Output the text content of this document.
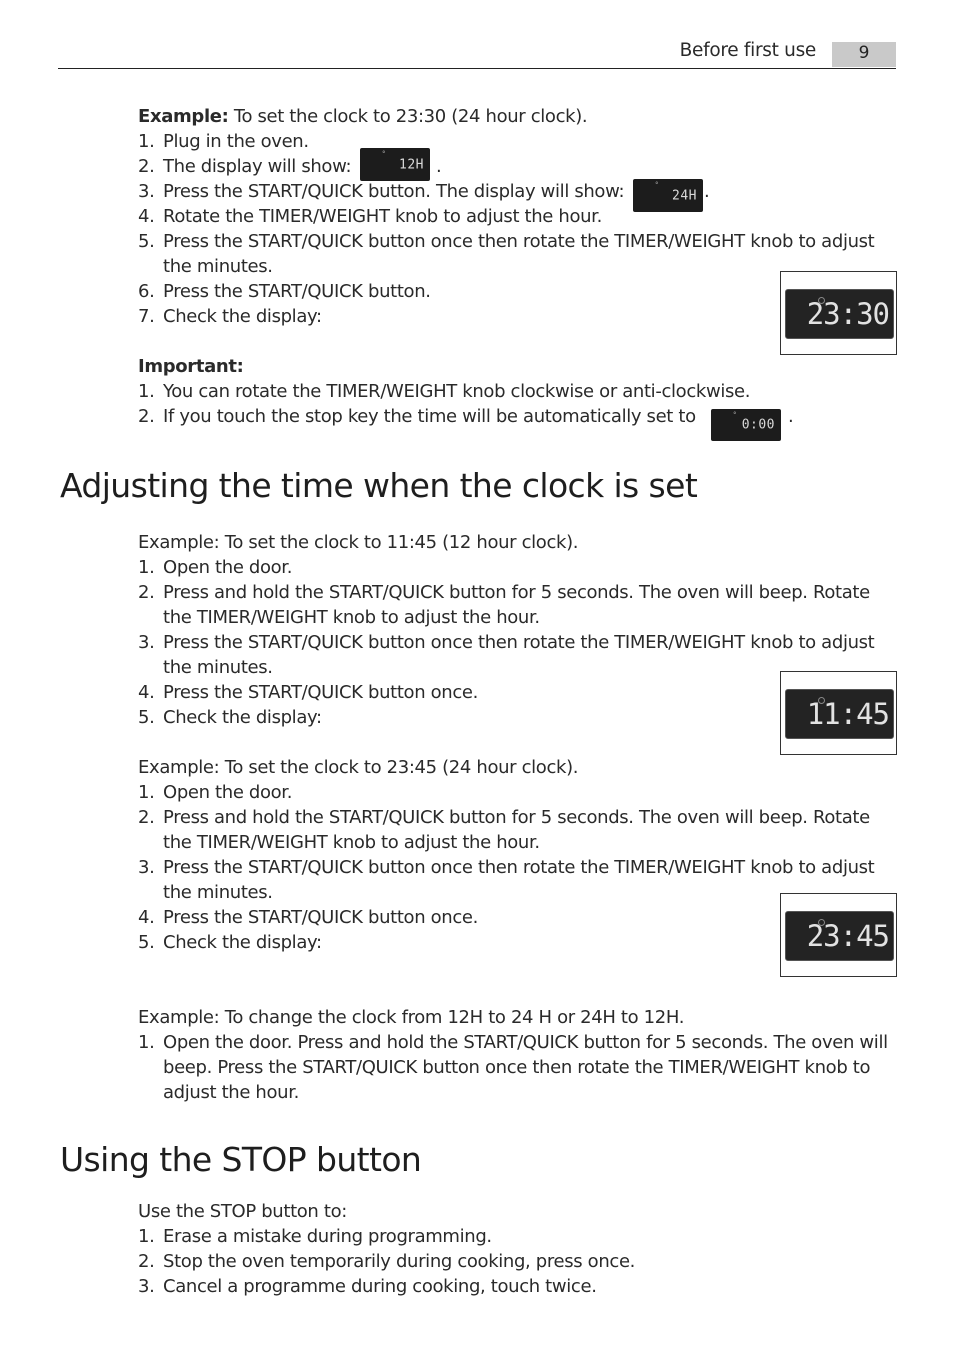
Before first use	9
Example: To set the clock to 23:30 (24 hour clock).
1. Plug in the oven.
2. The display will show:
°
12H .
3. Press the START/QUICK button. The display will show:	°
24H .
4. Rotate the TIMER/WEIGHT knob to adjust the hour.
5. Press the START/QUICK button once then rotate the TIMER/WEIGHT knob to adjust
the minutes.
6. Press the START/QUICK button.
7. Check the display:	23:30
Important:
1. You can rotate the TIMER/WEIGHT knob clockwise or anti-clockwise.
2. If you touch the stop key the time will be automatically set to	°
0:00 .
Adjusting the time when the clock is set
Example: To set the clock to 11:45 (12 hour clock).
1. Open the door.
2. Press and hold the START/QUICK button for 5 seconds. The oven will beep. Rotate
the TIMER/WEIGHT knob to adjust the hour.
3. Press the START/QUICK button once then rotate the TIMER/WEIGHT knob to adjust
the minutes.
4. Press the START/QUICK button once.
5. Check the display:	11:45
Example: To set the clock to 23:45 (24 hour clock).
1. Open the door.
2. Press and hold the START/QUICK button for 5 seconds. The oven will beep. Rotate
the TIMER/WEIGHT knob to adjust the hour.
3. Press the START/QUICK button once then rotate the TIMER/WEIGHT knob to adjust
the minutes.
4. Press the START/QUICK button once.
5. Check the display:	23:45
Example: To change the clock from 12H to 24 H or 24H to 12H.
1. Open the door. Press and hold the START/QUICK button for 5 seconds. The oven will
beep. Press the START/QUICK button once then rotate the TIMER/WEIGHT knob to
adjust the hour.
Using the STOP button
Use the STOP button to:
1. Erase a mistake during programming.
2. Stop the oven temporarily during cooking, press once.
3. Cancel a programme during cooking, touch twice.
